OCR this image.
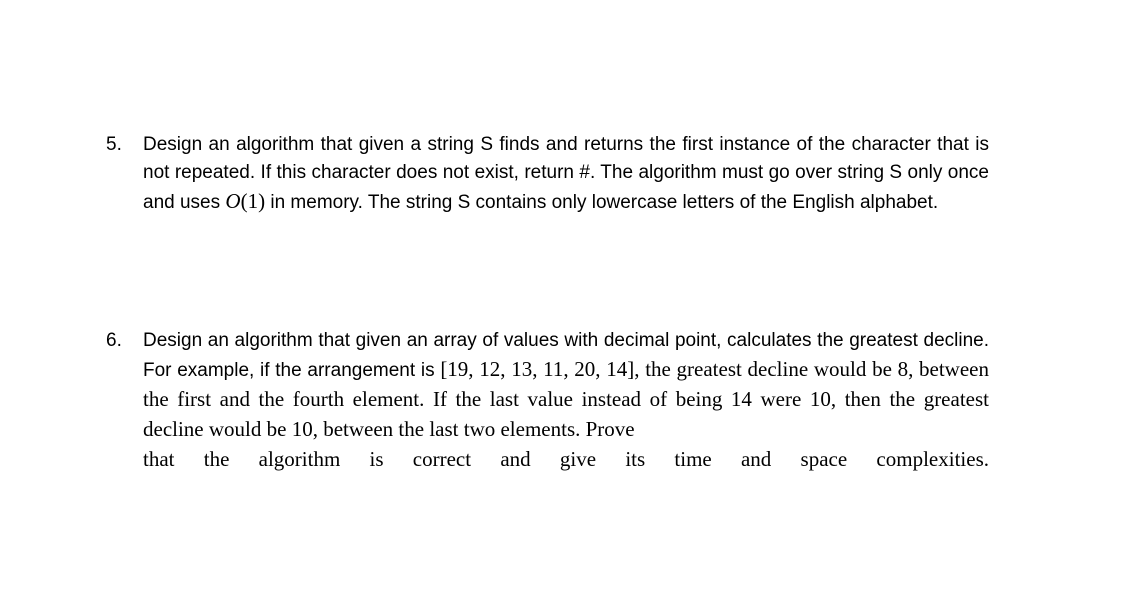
5. Design an algorithm that given a string S finds and returns the first instance of the character that is not repeated. If this character does not exist, return #. The algorithm must go over string S only once and uses O(1) in memory. The string S contains only lowercase letters of the English alphabet.
6. Design an algorithm that given an array of values with decimal point, calculates the greatest decline. For example, if the arrangement is [19, 12, 13, 11, 20, 14], the greatest decline would be 8, between the first and the fourth element. If the last value instead of being 14 were 10, then the greatest decline would be 10, between the last two elements. Prove
that the algorithm is correct and give its time and space complexities.
